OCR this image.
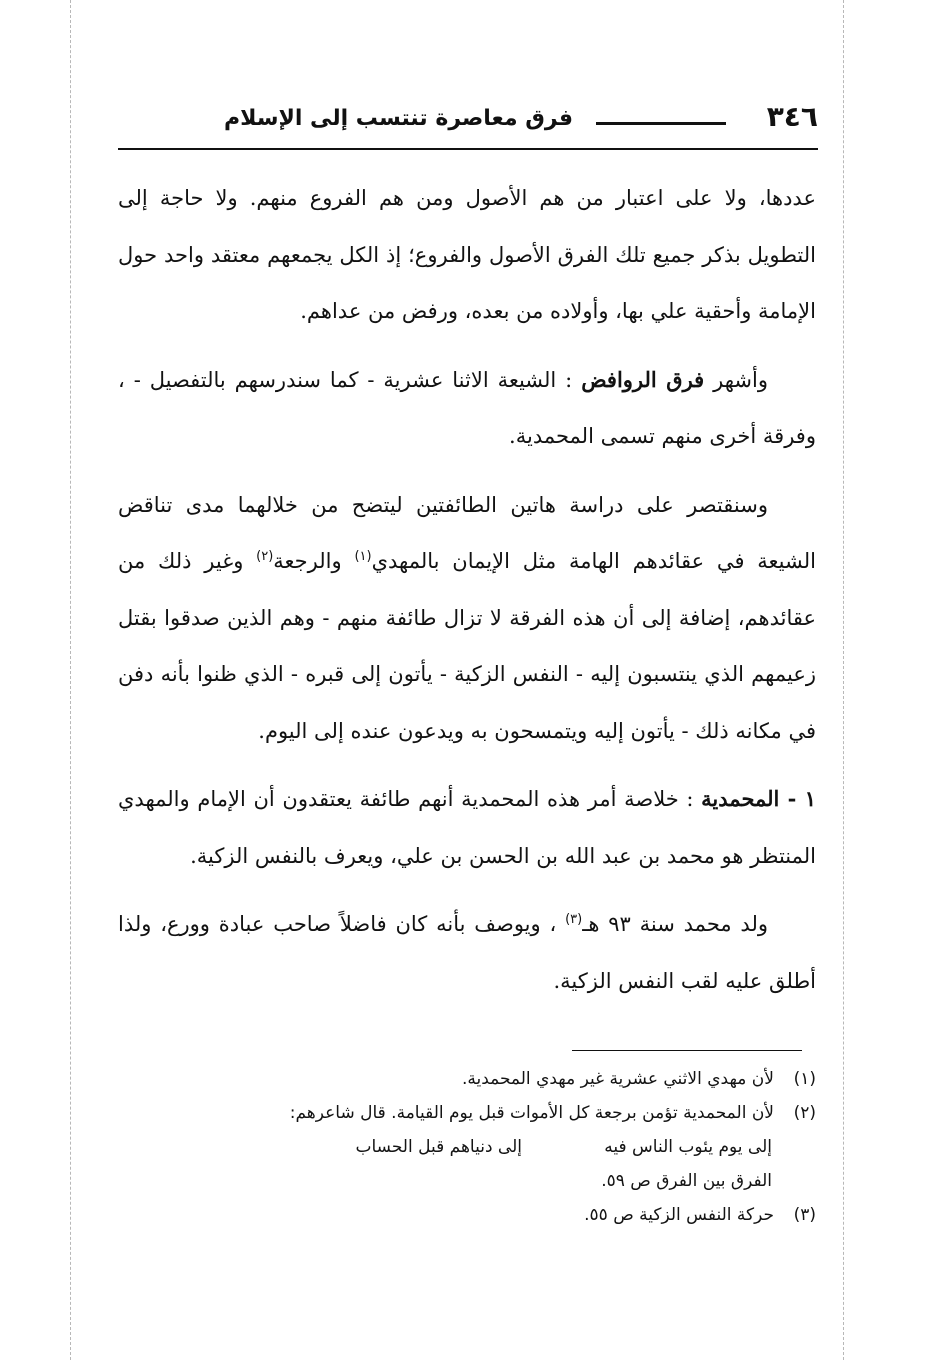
٣٤٦
فرق معاصرة تنتسب إلى الإسلام

عددها، ولا على اعتبار من هم الأصول ومن هم الفروع منهم. ولا حاجة إلى التطويل بذكر جميع تلك الفرق الأصول والفروع؛ إذ الكل يجمعهم معتقد واحد حول الإمامة وأحقية علي بها، وأولاده من بعده، ورفض من عداهم.

وأشهر فرق الروافض : الشيعة الاثنا عشرية - كما سندرسهم بالتفصيل - ، وفرقة أخرى منهم تسمى المحمدية.

وسنقتصر على دراسة هاتين الطائفتين ليتضح من خلالهما مدى تناقض الشيعة في عقائدهم الهامة مثل الإيمان بالمهدي$^{(١)}$ والرجعة$^{(٢)}$ وغير ذلك من عقائدهم، إضافة إلى أن هذه الفرقة لا تزال طائفة منهم - وهم الذين صدقوا بقتل زعيمهم الذي ينتسبون إليه - النفس الزكية - يأتون إلى قبره - الذي ظنوا بأنه دفن في مكانه ذلك - يأتون إليه ويتمسحون به ويدعون عنده إلى اليوم.

١ - المحمدية : خلاصة أمر هذه المحمدية أنهم طائفة يعتقدون أن الإمام والمهدي المنتظر هو محمد بن عبد الله بن الحسن بن علي، ويعرف بالنفس الزكية.

ولد محمد سنة ٩٣ هـ$^{(٣)}$ ، ويوصف بأنه كان فاضلاً صاحب عبادة وورع، ولذا أطلق عليه لقب النفس الزكية.

(١)لأن مهدي الاثني عشرية غير مهدي المحمدية.

(٢)لأن المحمدية تؤمن برجعة كل الأموات قبل يوم القيامة. قال شاعرهم:

إلى يوم يئوب الناس فيهإلى دنياهم قبل الحساب

الفرق بين الفرق ص ٥٩.

(٣)حركة النفس الزكية ص ٥٥.
